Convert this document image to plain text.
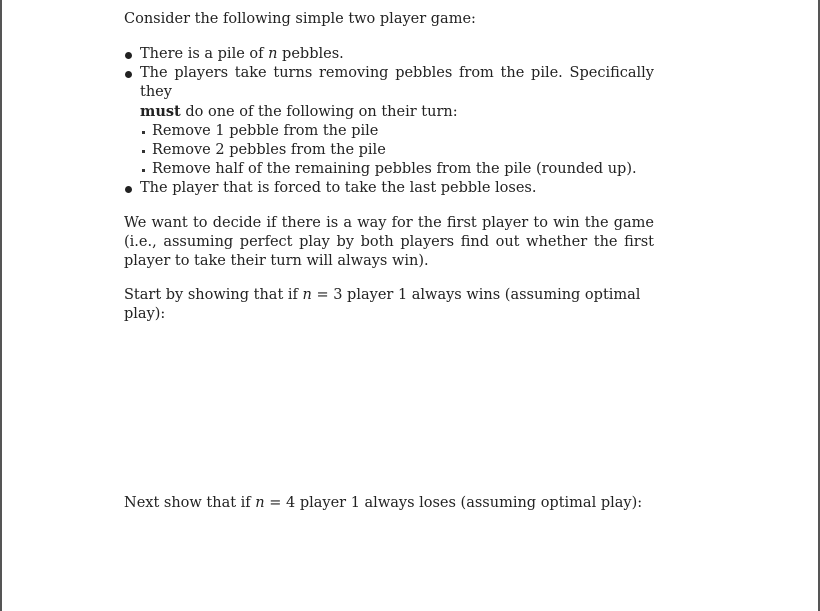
Consider the following simple two player game:

There is a pile of n pebbles.
The players take turns removing pebbles from the pile. Specifically they
must do one of the following on their turn:
Remove 1 pebble from the pile
Remove 2 pebbles from the pile
Remove half of the remaining pebbles from the pile (rounded up).
The player that is forced to take the last pebble loses.

We want to decide if there is a way for the first player to win the game (i.e., assuming perfect play by both players find out whether the first player to take their turn will always win).

Start by showing that if n = 3 player 1 always wins (assuming optimal play):

Next show that if n = 4 player 1 always loses (assuming optimal play):
